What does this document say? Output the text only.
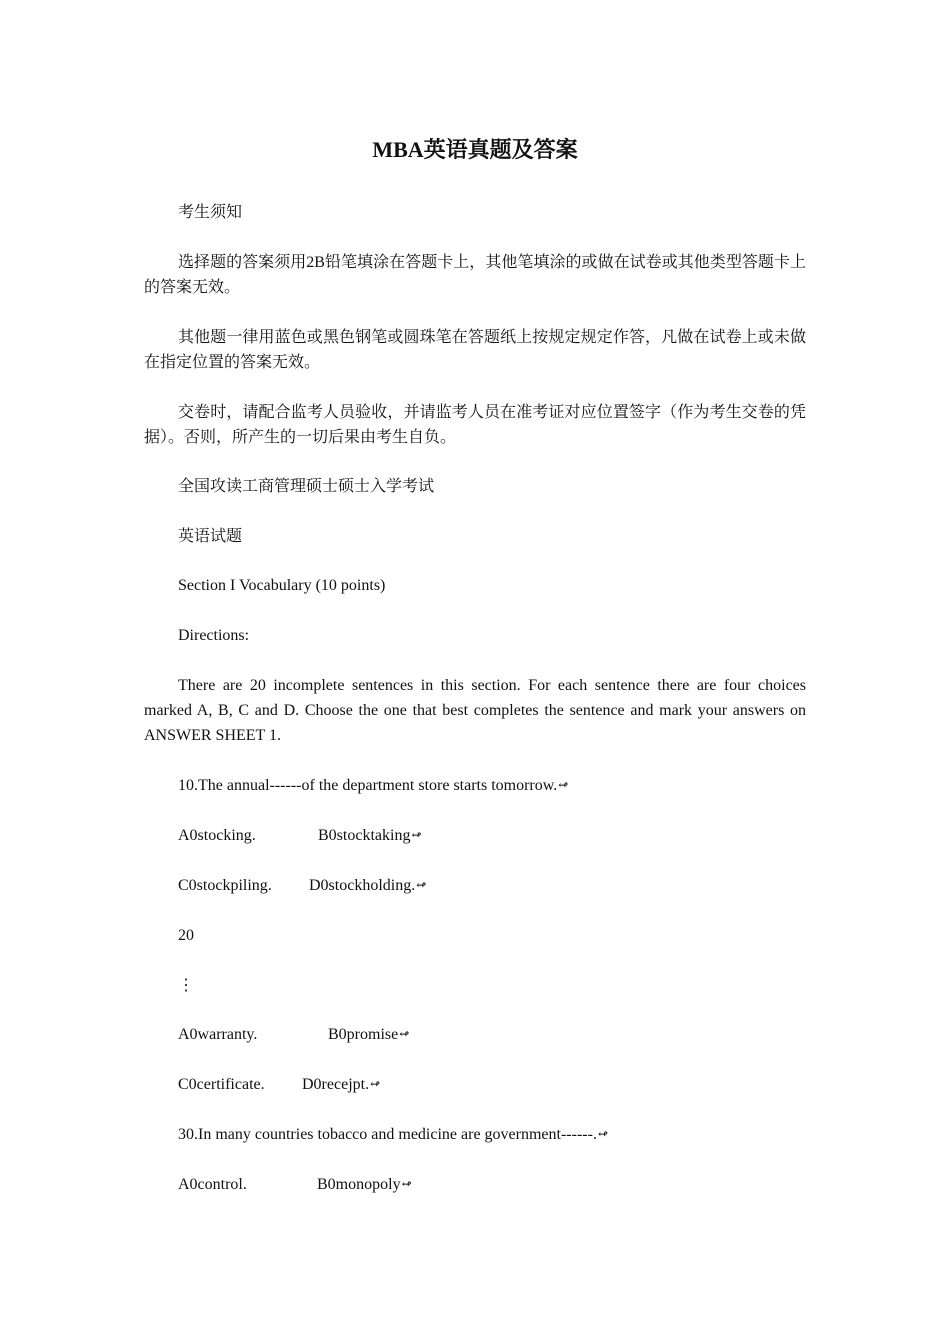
MBA英语真题及答案
考生须知
选择题的答案须用2B铅笔填涂在答题卡上，其他笔填涂的或做在试卷或其他类型答题卡上的答案无效。
其他题一律用蓝色或黑色钢笔或圆珠笔在答题纸上按规定规定作答，凡做在试卷上或未做在指定位置的答案无效。
交卷时，请配合监考人员验收，并请监考人员在准考证对应位置签字（作为考生交卷的凭据）。否则，所产生的一切后果由考生自负。
全国攻读工商管理硕士硕士入学考试
英语试题
Section I Vocabulary (10 points)
Directions:
There are 20 incomplete sentences in this section. For each sentence there are four choices marked A, B, C and D. Choose the one that best completes the sentence and mark your answers on ANSWER SHEET 1.
10.The annual------of the department store starts tomorrow.↫
A0stocking.	B0stocktaking↫
C0stockpiling. D0stockholding.↫
20
⋮
A0warranty.	B0promise↫
C0certificate. D0recejpt.↫
30.In many countries tobacco and medicine are government------.↫
A0control.	B0monopoly↫
